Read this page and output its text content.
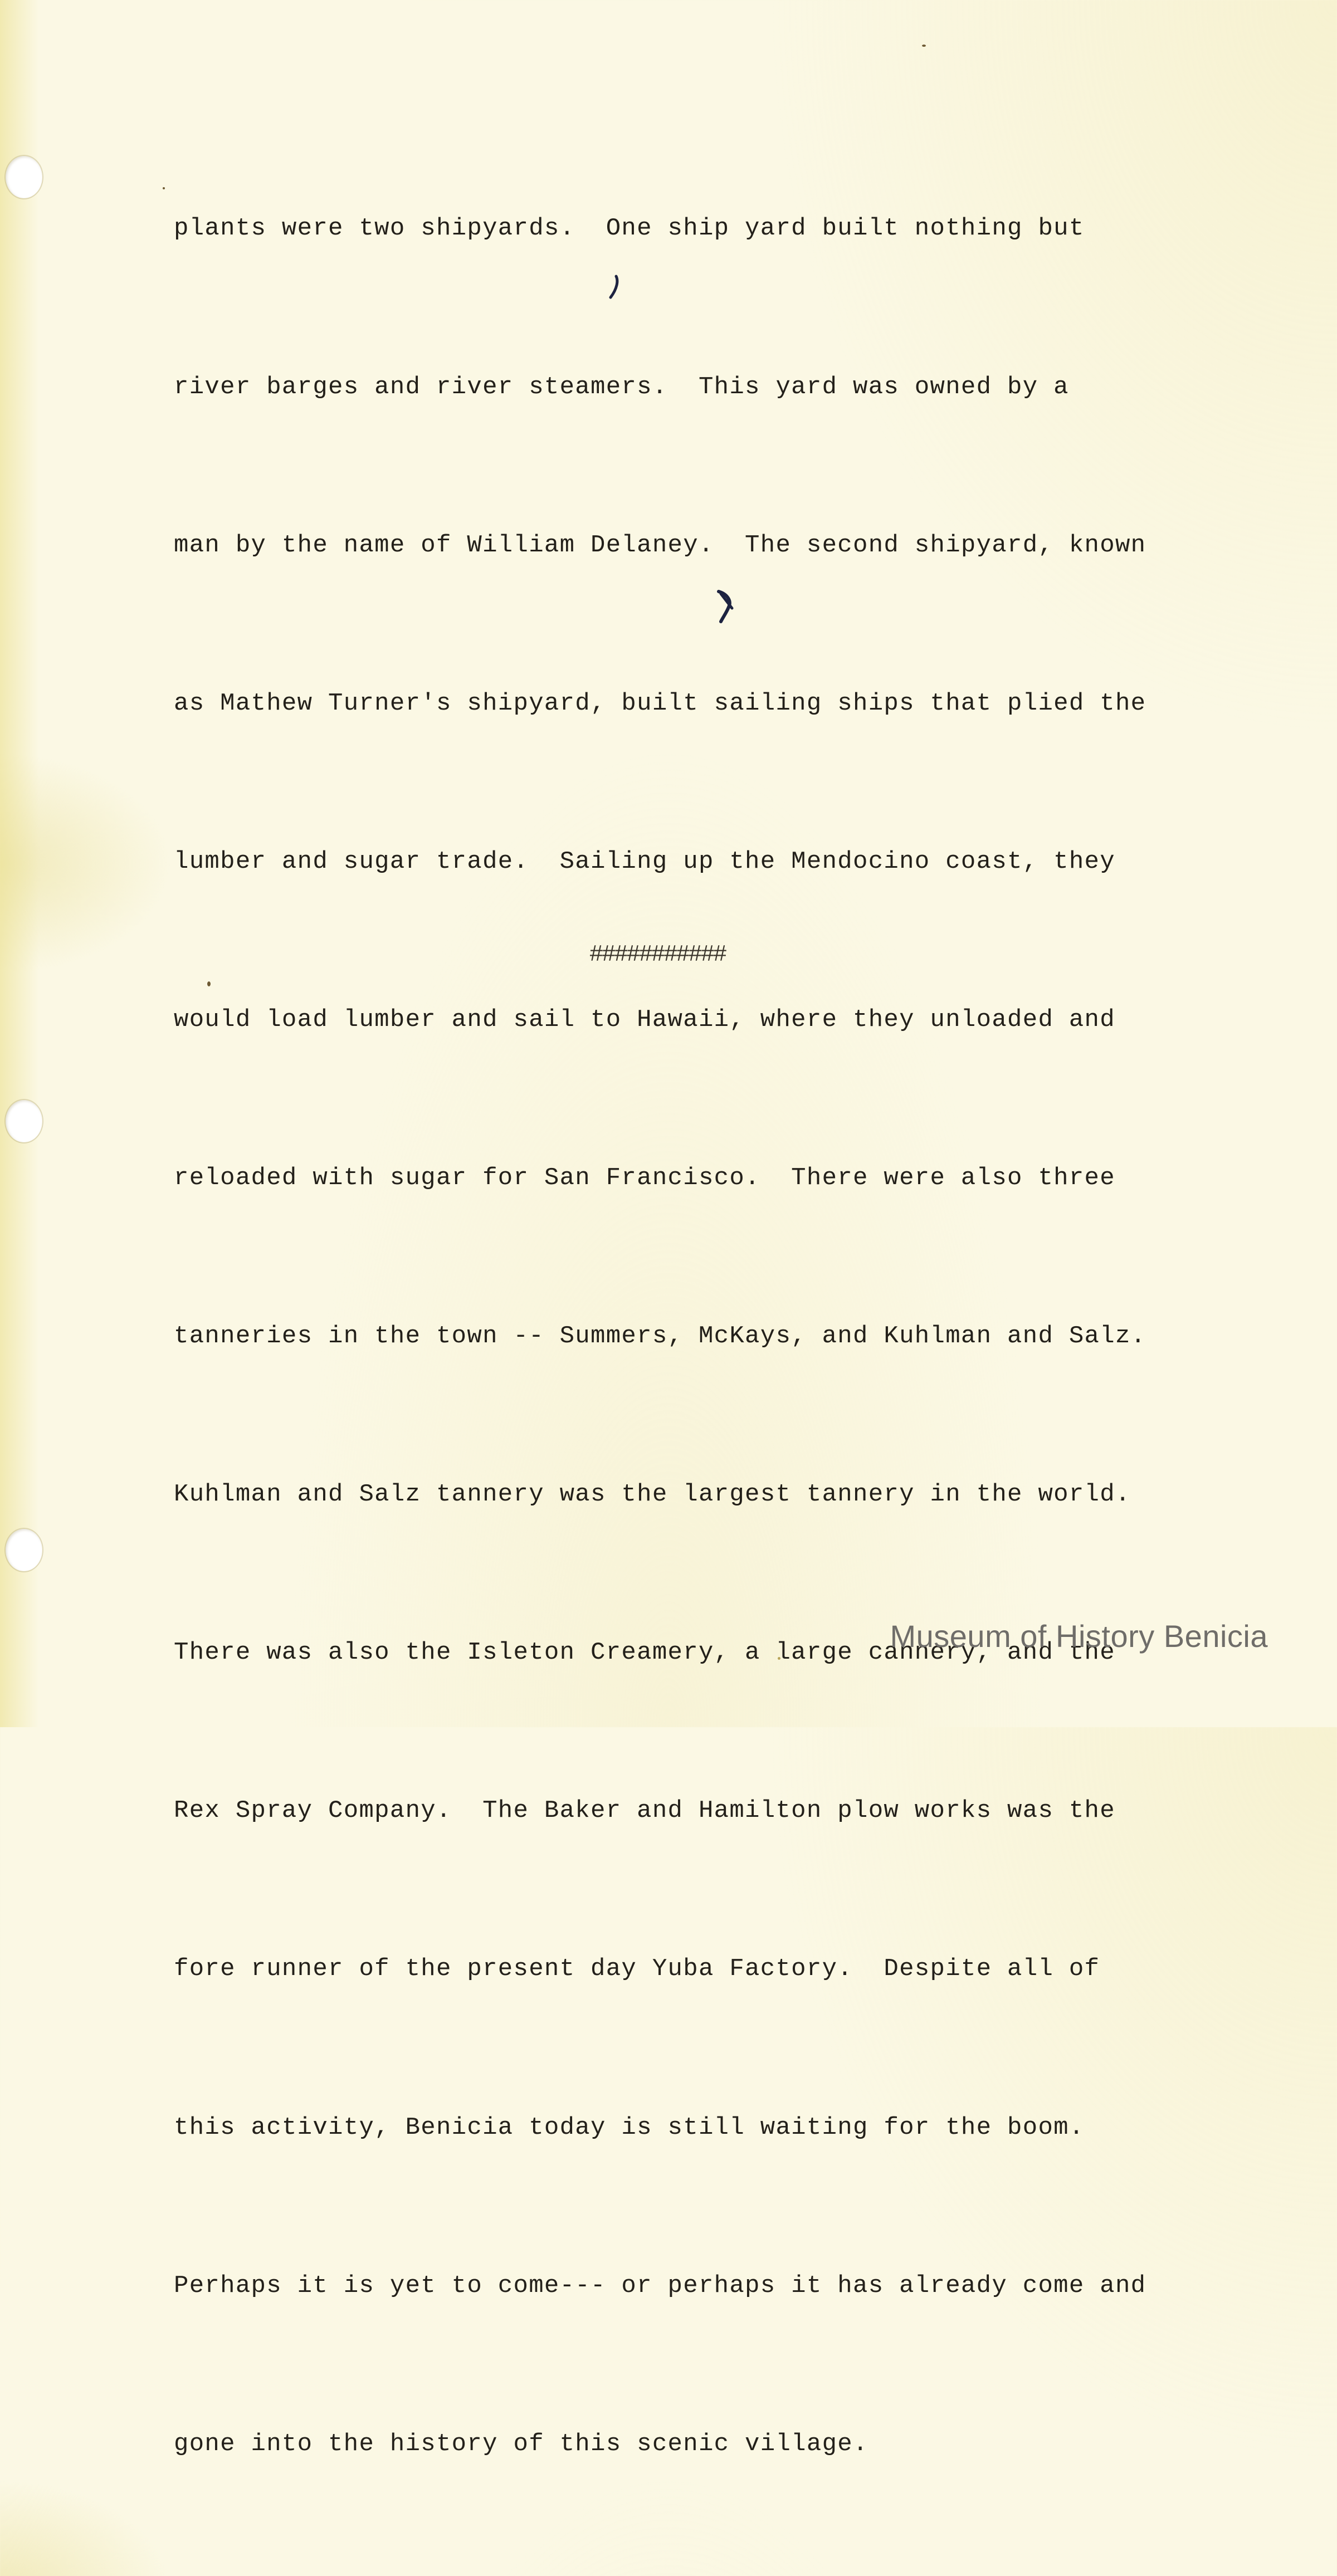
plants were two shipyards.  One ship yard built nothing but

river barges and river steamers.  This yard was owned by a

man by the name of William Delaney.  The second shipyard, known

as Mathew Turner's shipyard, built sailing ships that plied the

lumber and sugar trade.  Sailing up the Mendocino coast, they

would load lumber and sail to Hawaii, where they unloaded and

reloaded with sugar for San Francisco.  There were also three

tanneries in the town -- Summers, McKays, and Kuhlman and Salz.

Kuhlman and Salz tannery was the largest tannery in the world.

There was also the Isleton Creamery, a large cannery, and the

Rex Spray Company.  The Baker and Hamilton plow works was the

fore runner of the present day Yuba Factory.  Despite all of

this activity, Benicia today is still waiting for the boom.

Perhaps it is yet to come--- or perhaps it has already come and

gone into the history of this scenic village.

###########
Museum of History Benicia
